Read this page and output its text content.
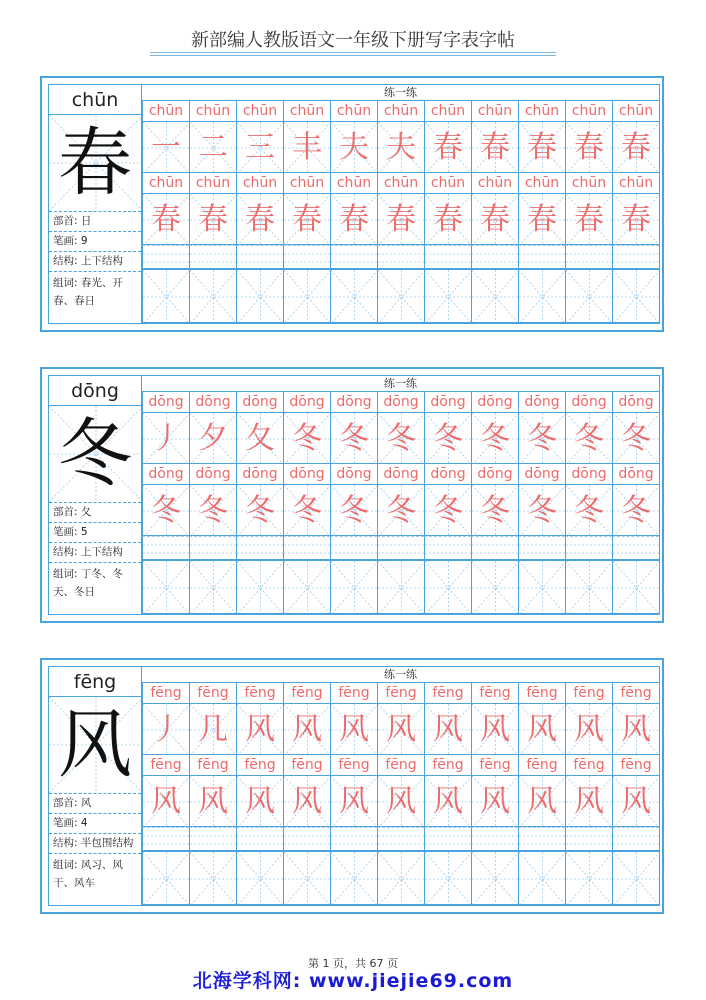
新部编人教版语文一年级下册写字表字帖
chūn
春
部首: 日
笔画: 9
结构: 上下结构
组词: 春光、开
春、春日
练一练
chūn chūn chūn chūn chūn chūn chūn chūn chūn chūn chūn
一 二 三 丰 夫 夫 春 春 春 春 春
chūn chūn chūn chūn chūn chūn chūn chūn chūn chūn chūn
春 春 春 春 春 春 春 春 春 春 春
dōng
冬
部首: 夂
笔画: 5
结构: 上下结构
组词: 丁冬、冬
天、冬日
练一练
dōng dōng dōng dōng dōng dōng dōng dōng dōng dōng dōng
丿 夕 夂 冬 冬 冬 冬 冬 冬 冬 冬
dōng dōng dōng dōng dōng dōng dōng dōng dōng dōng dōng
冬 冬 冬 冬 冬 冬 冬 冬 冬 冬 冬
fēng
风
部首: 风
笔画: 4
结构: 半包围结构
组词: 风习、风
干、风车
练一练
fēng	fēng	fēng	fēng	fēng	fēng	fēng	fēng	fēng	fēng	fēng
丿 几 风 风 风 风 风 风 风 风 风
fēng	fēng	fēng	fēng	fēng	fēng	fēng	fēng	fēng	fēng	fēng
风 风 风 风 风 风 风 风 风 风 风
第 1 页，共 67 页
北海学科网: www.jiejie69.com
